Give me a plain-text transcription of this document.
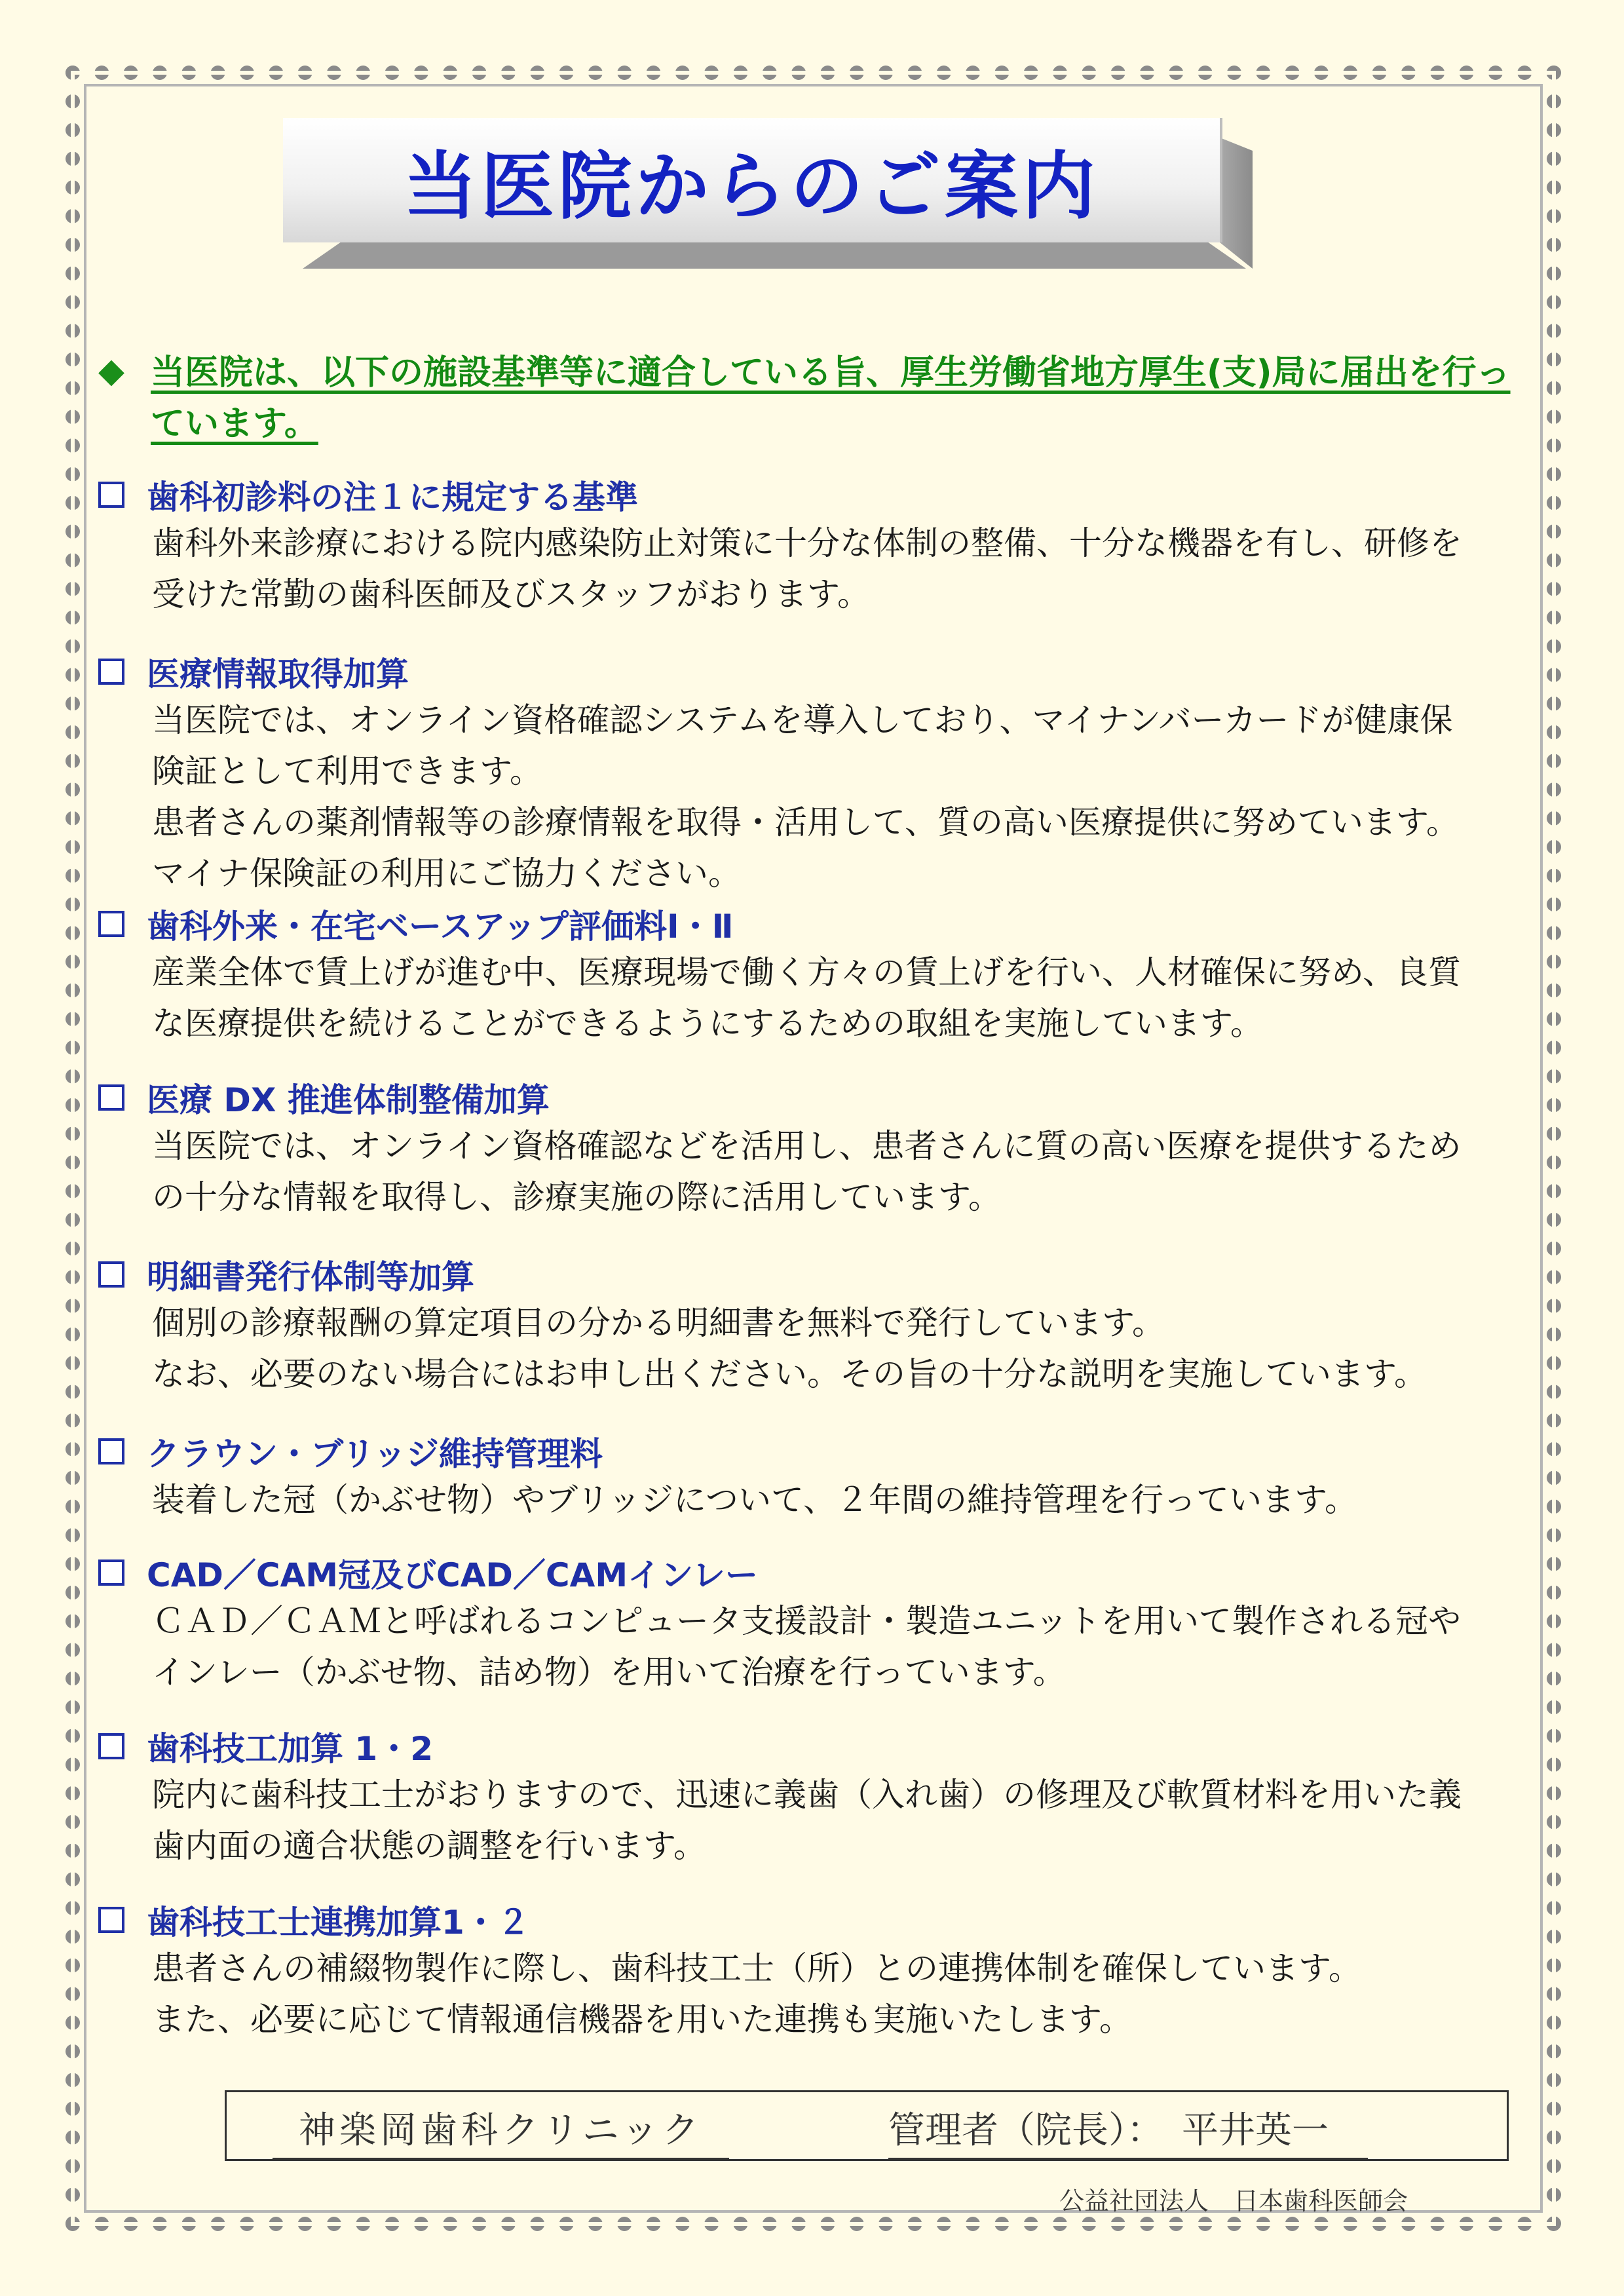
当医院からのご案内
◆ 当医院は、以下の施設基準等に適合している旨、厚生労働省地方厚生(支)局に届出を行っ
ています。
歯科初診料の注１に規定する基準
歯科外来診療における院内感染防止対策に十分な体制の整備、十分な機器を有し、研修を
受けた常勤の歯科医師及びスタッフがおります。
医療情報取得加算
当医院では、オンライン資格確認システムを導入しており、マイナンバーカードが健康保
険証として利用できます。
患者さんの薬剤情報等の診療情報を取得・活用して、質の高い医療提供に努めています。
マイナ保険証の利用にご協力ください。
歯科外来・在宅ベースアップ評価料Ⅰ・Ⅱ
産業全体で賃上げが進む中、医療現場で働く方々の賃上げを行い、人材確保に努め、良質
な医療提供を続けることができるようにするための取組を実施しています。
医療 DX 推進体制整備加算
当医院では、オンライン資格確認などを活用し、患者さんに質の高い医療を提供するため
の十分な情報を取得し、診療実施の際に活用しています。
明細書発行体制等加算
個別の診療報酬の算定項目の分かる明細書を無料で発行しています。
なお、必要のない場合にはお申し出ください。その旨の十分な説明を実施しています。
クラウン・ブリッジ維持管理料
装着した冠（かぶせ物）やブリッジについて、２年間の維持管理を行っています。
CAD／CAM冠及びCAD／CAMインレー
ＣＡＤ／ＣＡＭと呼ばれるコンピュータ支援設計・製造ユニットを用いて製作される冠や
インレー（かぶせ物、詰め物）を用いて治療を行っています。
歯科技工加算 1・2
院内に歯科技工士がおりますので、迅速に義歯（入れ歯）の修理及び軟質材料を用いた義
歯内面の適合状態の調整を行います。
歯科技工士連携加算1・２
患者さんの補綴物製作に際し、歯科技工士（所）との連携体制を確保しています。
また、必要に応じて情報通信機器を用いた連携も実施いたします。
神楽岡歯科クリニック	管理者（院長）：　平井英一
公益社団法人　日本歯科医師会
